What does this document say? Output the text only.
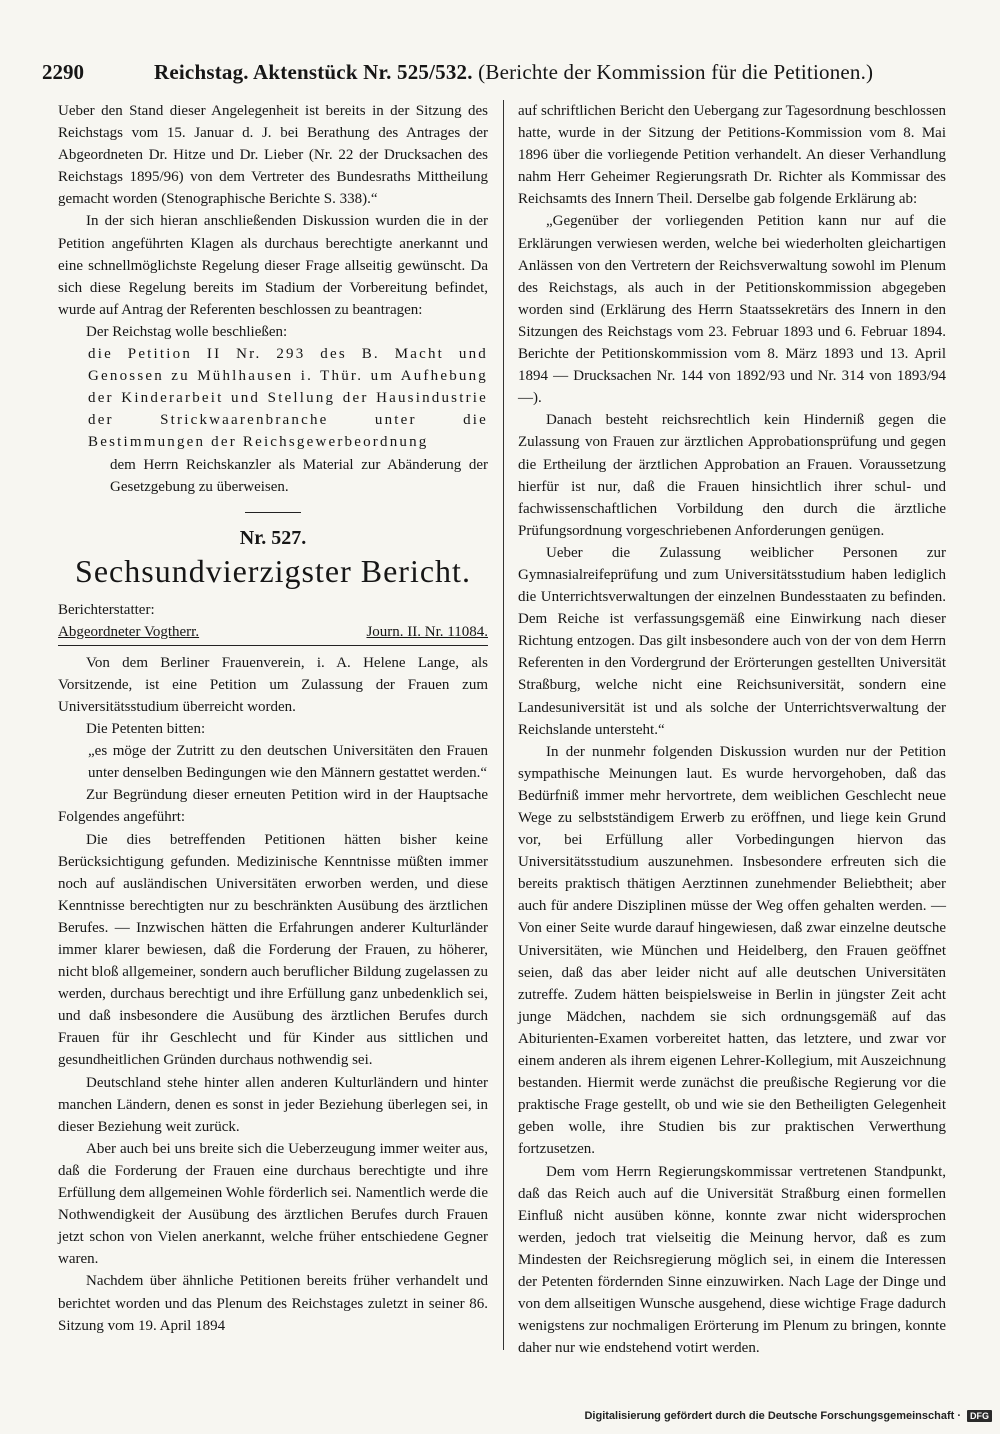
2290	Reichstag. Aktenstück Nr. 525/532. (Berichte der Kommission für die Petitionen.)

Ueber den Stand dieser Angelegenheit ist bereits in der Sitzung des Reichstags vom 15. Januar d. J. bei Berathung des Antrages der Abgeordneten Dr. Hitze und Dr. Lieber (Nr. 22 der Drucksachen des Reichstags 1895/96) von dem Vertreter des Bundesraths Mittheilung gemacht worden (Stenographische Berichte S. 338).“

In der sich hieran anschließenden Diskussion wurden die in der Petition angeführten Klagen als durchaus berechtigte anerkannt und eine schnellmöglichste Regelung dieser Frage allseitig gewünscht. Da sich diese Regelung bereits im Stadium der Vorbereitung befindet, wurde auf Antrag der Referenten beschlossen zu beantragen:

Der Reichstag wolle beschließen:

die Petition II Nr. 293 des B. Macht und Genossen zu Mühlhausen i. Thür. um Aufhebung der Kinderarbeit und Stellung der Hausindustrie der Strickwaarenbranche unter die Bestimmungen der Reichsgewerbeordnung

dem Herrn Reichskanzler als Material zur Abänderung der Gesetzgebung zu überweisen.

Nr. 527.

Sechsundvierzigster Bericht.

Berichterstatter:
Abgeordneter Vogtherr.	Journ. II. Nr. 11084.

Von dem Berliner Frauenverein, i. A. Helene Lange, als Vorsitzende, ist eine Petition um Zulassung der Frauen zum Universitätsstudium überreicht worden.

Die Petenten bitten:

„es möge der Zutritt zu den deutschen Universitäten den Frauen unter denselben Bedingungen wie den Männern gestattet werden.“

Zur Begründung dieser erneuten Petition wird in der Hauptsache Folgendes angeführt:

Die dies betreffenden Petitionen hätten bisher keine Berücksichtigung gefunden. Medizinische Kenntnisse müßten immer noch auf ausländischen Universitäten erworben werden, und diese Kenntnisse berechtigten nur zu beschränkten Ausübung des ärztlichen Berufes. — Inzwischen hätten die Erfahrungen anderer Kulturländer immer klarer bewiesen, daß die Forderung der Frauen, zu höherer, nicht bloß allgemeiner, sondern auch beruflicher Bildung zugelassen zu werden, durchaus berechtigt und ihre Erfüllung ganz unbedenklich sei, und daß insbesondere die Ausübung des ärztlichen Berufes durch Frauen für ihr Geschlecht und für Kinder aus sittlichen und gesundheitlichen Gründen durchaus nothwendig sei.

Deutschland stehe hinter allen anderen Kulturländern und hinter manchen Ländern, denen es sonst in jeder Beziehung überlegen sei, in dieser Beziehung weit zurück.

Aber auch bei uns breite sich die Ueberzeugung immer weiter aus, daß die Forderung der Frauen eine durchaus berechtigte und ihre Erfüllung dem allgemeinen Wohle förderlich sei. Namentlich werde die Nothwendigkeit der Ausübung des ärztlichen Berufes durch Frauen jetzt schon von Vielen anerkannt, welche früher entschiedene Gegner waren.

Nachdem über ähnliche Petitionen bereits früher verhandelt und berichtet worden und das Plenum des Reichstages zuletzt in seiner 86. Sitzung vom 19. April 1894

auf schriftlichen Bericht den Uebergang zur Tagesordnung beschlossen hatte, wurde in der Sitzung der Petitions-Kommission vom 8. Mai 1896 über die vorliegende Petition verhandelt. An dieser Verhandlung nahm Herr Geheimer Regierungsrath Dr. Richter als Kommissar des Reichsamts des Innern Theil. Derselbe gab folgende Erklärung ab:

„Gegenüber der vorliegenden Petition kann nur auf die Erklärungen verwiesen werden, welche bei wiederholten gleichartigen Anlässen von den Vertretern der Reichsverwaltung sowohl im Plenum des Reichstags, als auch in der Petitionskommission abgegeben worden sind (Erklärung des Herrn Staatssekretärs des Innern in den Sitzungen des Reichstags vom 23. Februar 1893 und 6. Februar 1894. Berichte der Petitionskommission vom 8. März 1893 und 13. April 1894 — Drucksachen Nr. 144 von 1892/93 und Nr. 314 von 1893/94 —).

Danach besteht reichsrechtlich kein Hinderniß gegen die Zulassung von Frauen zur ärztlichen Approbationsprüfung und gegen die Ertheilung der ärztlichen Approbation an Frauen. Voraussetzung hierfür ist nur, daß die Frauen hinsichtlich ihrer schul- und fachwissenschaftlichen Vorbildung den durch die ärztliche Prüfungsordnung vorgeschriebenen Anforderungen genügen.

Ueber die Zulassung weiblicher Personen zur Gymnasialreifeprüfung und zum Universitätsstudium haben lediglich die Unterrichtsverwaltungen der einzelnen Bundesstaaten zu befinden. Dem Reiche ist verfassungsgemäß eine Einwirkung nach dieser Richtung entzogen. Das gilt insbesondere auch von der von dem Herrn Referenten in den Vordergrund der Erörterungen gestellten Universität Straßburg, welche nicht eine Reichsuniversität, sondern eine Landesuniversität ist und als solche der Unterrichtsverwaltung der Reichslande untersteht.“

In der nunmehr folgenden Diskussion wurden nur der Petition sympathische Meinungen laut. Es wurde hervorgehoben, daß das Bedürfniß immer mehr hervortrete, dem weiblichen Geschlecht neue Wege zu selbstständigem Erwerb zu eröffnen, und liege kein Grund vor, bei Erfüllung aller Vorbedingungen hiervon das Universitätsstudium auszunehmen. Insbesondere erfreuten sich die bereits praktisch thätigen Aerztinnen zunehmender Beliebtheit; aber auch für andere Disziplinen müsse der Weg offen gehalten werden. — Von einer Seite wurde darauf hingewiesen, daß zwar einzelne deutsche Universitäten, wie München und Heidelberg, den Frauen geöffnet seien, daß das aber leider nicht auf alle deutschen Universitäten zutreffe. Zudem hätten beispielsweise in Berlin in jüngster Zeit acht junge Mädchen, nachdem sie sich ordnungsgemäß auf das Abiturienten-Examen vorbereitet hatten, das letztere, und zwar vor einem anderen als ihrem eigenen Lehrer-Kollegium, mit Auszeichnung bestanden. Hiermit werde zunächst die preußische Regierung vor die praktische Frage gestellt, ob und wie sie den Betheiligten Gelegenheit geben wolle, ihre Studien bis zur praktischen Verwerthung fortzusetzen.

Dem vom Herrn Regierungskommissar vertretenen Standpunkt, daß das Reich auch auf die Universität Straßburg einen formellen Einfluß nicht ausüben könne, konnte zwar nicht widersprochen werden, jedoch trat vielseitig die Meinung hervor, daß es zum Mindesten der Reichsregierung möglich sei, in einem die Interessen der Petenten fördernden Sinne einzuwirken. Nach Lage der Dinge und von dem allseitigen Wunsche ausgehend, diese wichtige Frage dadurch wenigstens zur nochmaligen Erörterung im Plenum zu bringen, konnte daher nur wie endstehend votirt werden.

Digitalisierung gefördert durch die Deutsche Forschungsgemeinschaft ·	DFG
